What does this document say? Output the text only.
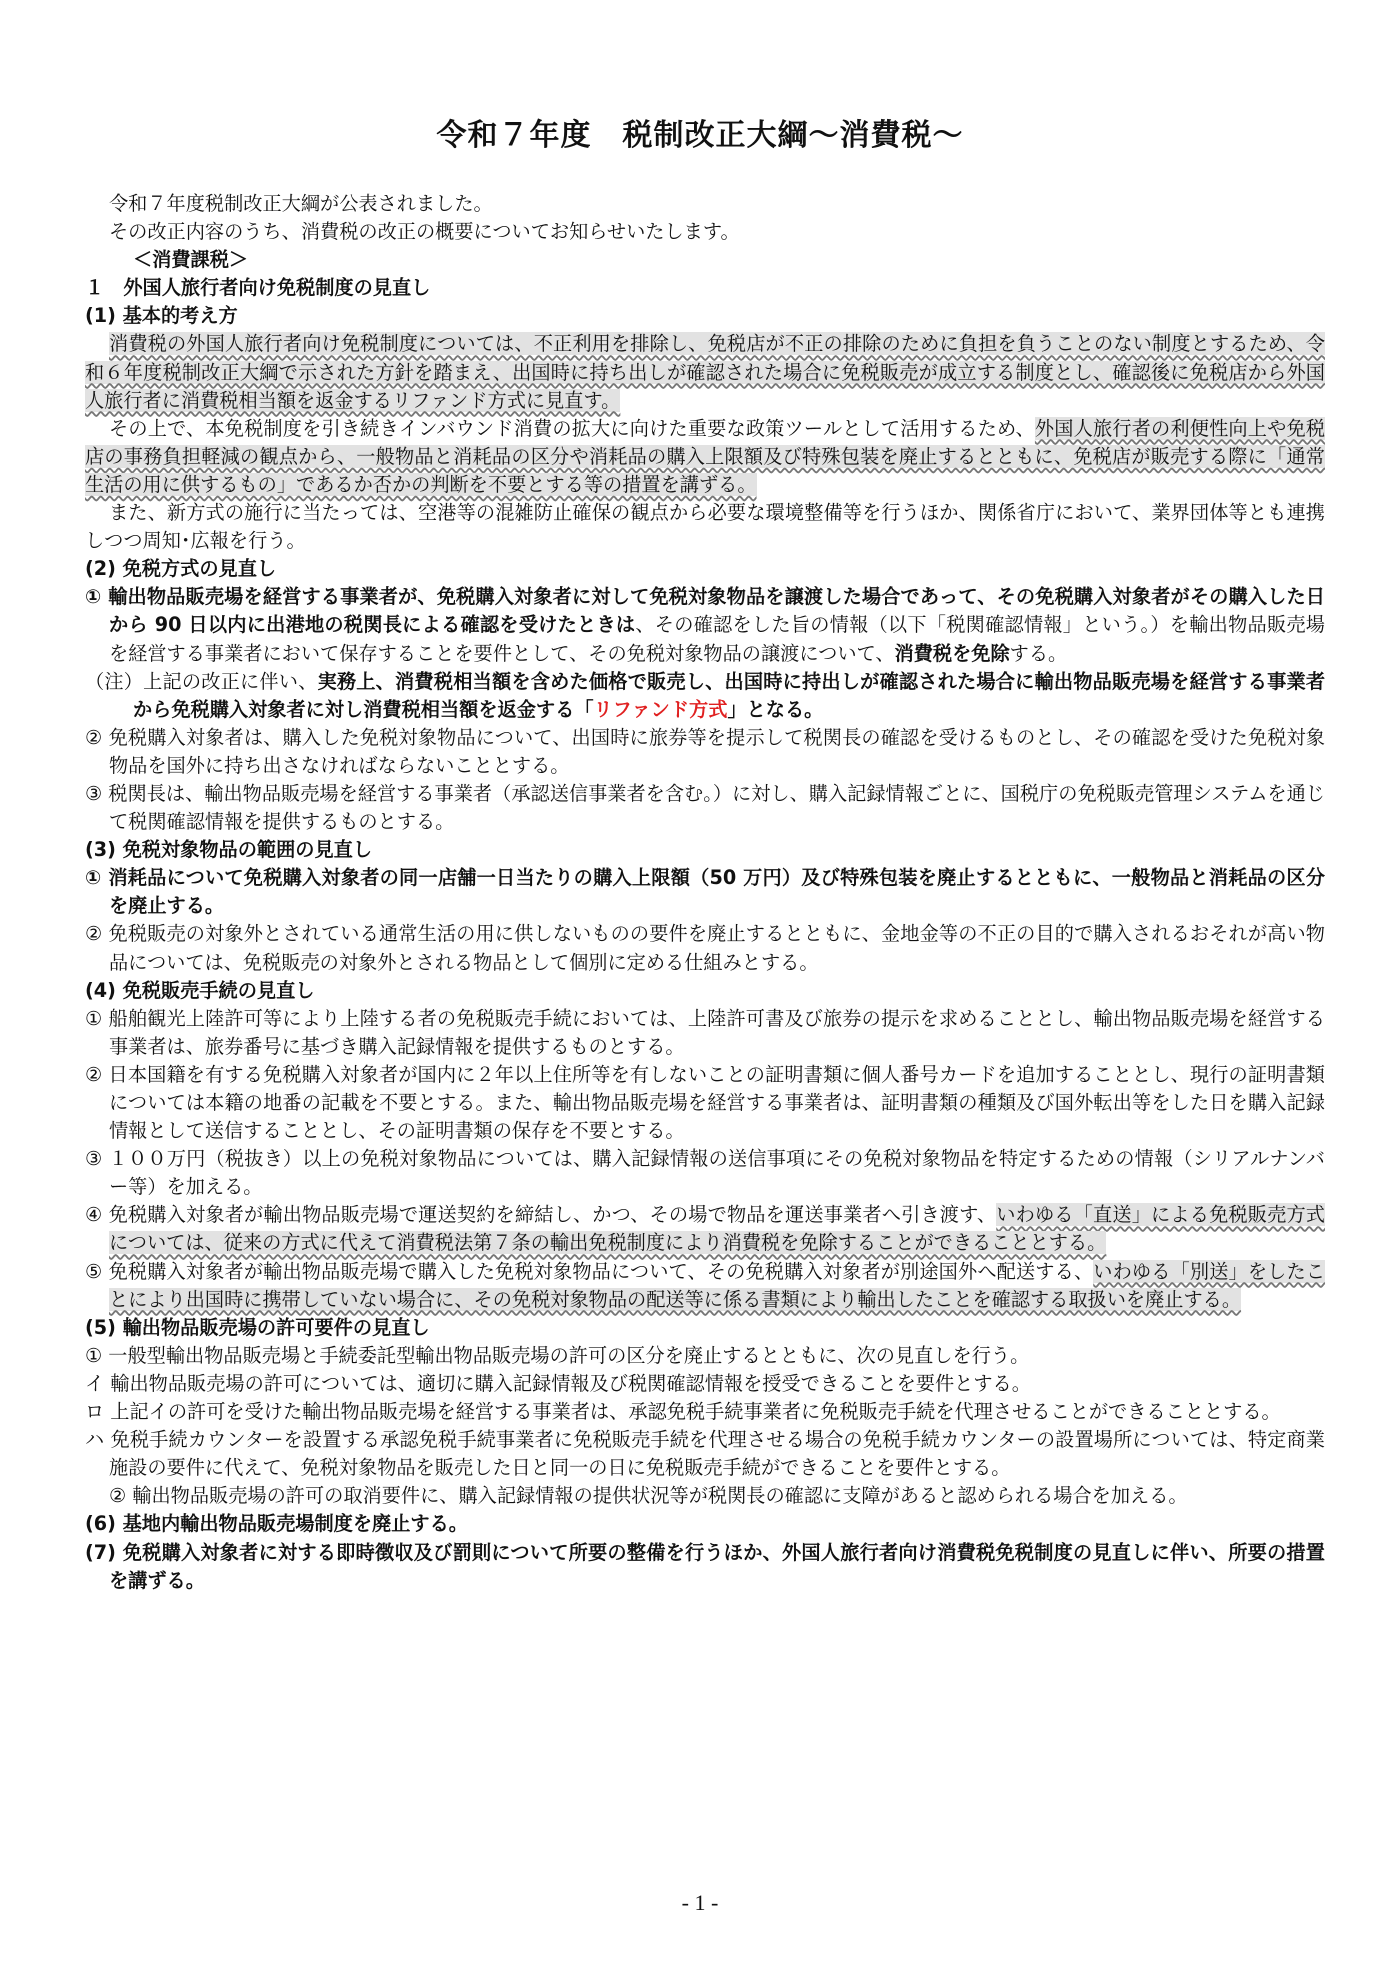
令和７年度　税制改正大綱～消費税～

令和７年度税制改正大綱が公表されました。

その改正内容のうち、消費税の改正の概要についてお知らせいたします。

＜消費課税＞

１　外国人旅行者向け免税制度の見直し

(1) 基本的考え方

消費税の外国人旅行者向け免税制度については、不正利用を排除し、免税店が不正の排除のために負担を負うことのない制度とするため、令和６年度税制改正大綱で示された方針を踏まえ、出国時に持ち出しが確認された場合に免税販売が成立する制度とし、確認後に免税店から外国人旅行者に消費税相当額を返金するリファンド方式に見直す。

その上で、本免税制度を引き続きインバウンド消費の拡大に向けた重要な政策ツールとして活用するため、外国人旅行者の利便性向上や免税店の事務負担軽減の観点から、一般物品と消耗品の区分や消耗品の購入上限額及び特殊包装を廃止するとともに、免税店が販売する際に「通常生活の用に供するもの」であるか否かの判断を不要とする等の措置を講ずる。

また、新方式の施行に当たっては、空港等の混雑防止確保の観点から必要な環境整備等を行うほか、関係省庁において、業界団体等とも連携しつつ周知･広報を行う。

(2) 免税方式の見直し

① 輸出物品販売場を経営する事業者が、免税購入対象者に対して免税対象物品を譲渡した場合であって、その免税購入対象者がその購入した日から 90 日以内に出港地の税関長による確認を受けたときは、その確認をした旨の情報（以下「税関確認情報」という。）を輸出物品販売場を経営する事業者において保存することを要件として、その免税対象物品の譲渡について、消費税を免除する。

（注）上記の改正に伴い、実務上、消費税相当額を含めた価格で販売し、出国時に持出しが確認された場合に輸出物品販売場を経営する事業者から免税購入対象者に対し消費税相当額を返金する「リファンド方式」となる。

② 免税購入対象者は、購入した免税対象物品について、出国時に旅券等を提示して税関長の確認を受けるものとし、その確認を受けた免税対象物品を国外に持ち出さなければならないこととする。

③ 税関長は、輸出物品販売場を経営する事業者（承認送信事業者を含む。）に対し、購入記録情報ごとに、国税庁の免税販売管理システムを通じて税関確認情報を提供するものとする。

(3) 免税対象物品の範囲の見直し

① 消耗品について免税購入対象者の同一店舗一日当たりの購入上限額（50 万円）及び特殊包装を廃止するとともに、一般物品と消耗品の区分を廃止する。

② 免税販売の対象外とされている通常生活の用に供しないものの要件を廃止するとともに、金地金等の不正の目的で購入されるおそれが高い物品については、免税販売の対象外とされる物品として個別に定める仕組みとする。

(4) 免税販売手続の見直し

① 船舶観光上陸許可等により上陸する者の免税販売手続においては、上陸許可書及び旅券の提示を求めることとし、輸出物品販売場を経営する事業者は、旅券番号に基づき購入記録情報を提供するものとする。

② 日本国籍を有する免税購入対象者が国内に２年以上住所等を有しないことの証明書類に個人番号カードを追加することとし、現行の証明書類については本籍の地番の記載を不要とする。また、輸出物品販売場を経営する事業者は、証明書類の種類及び国外転出等をした日を購入記録情報として送信することとし、その証明書類の保存を不要とする。

③ １００万円（税抜き）以上の免税対象物品については、購入記録情報の送信事項にその免税対象物品を特定するための情報（シリアルナンバー等）を加える。

④ 免税購入対象者が輸出物品販売場で運送契約を締結し、かつ、その場で物品を運送事業者へ引き渡す、いわゆる「直送」による免税販売方式については、従来の方式に代えて消費税法第７条の輸出免税制度により消費税を免除することができることとする。

⑤ 免税購入対象者が輸出物品販売場で購入した免税対象物品について、その免税購入対象者が別途国外へ配送する、いわゆる「別送」をしたことにより出国時に携帯していない場合に、その免税対象物品の配送等に係る書類により輸出したことを確認する取扱いを廃止する。

(5) 輸出物品販売場の許可要件の見直し

① 一般型輸出物品販売場と手続委託型輸出物品販売場の許可の区分を廃止するとともに、次の見直しを行う。

イ 輸出物品販売場の許可については、適切に購入記録情報及び税関確認情報を授受できることを要件とする。

ロ 上記イの許可を受けた輸出物品販売場を経営する事業者は、承認免税手続事業者に免税販売手続を代理させることができることとする。

ハ 免税手続カウンターを設置する承認免税手続事業者に免税販売手続を代理させる場合の免税手続カウンターの設置場所については、特定商業施設の要件に代えて、免税対象物品を販売した日と同一の日に免税販売手続ができることを要件とする。

② 輸出物品販売場の許可の取消要件に、購入記録情報の提供状況等が税関長の確認に支障があると認められる場合を加える。

(6) 基地内輸出物品販売場制度を廃止する。

(7) 免税購入対象者に対する即時徴収及び罰則について所要の整備を行うほか、外国人旅行者向け消費税免税制度の見直しに伴い、所要の措置を講ずる。

- 1 -
